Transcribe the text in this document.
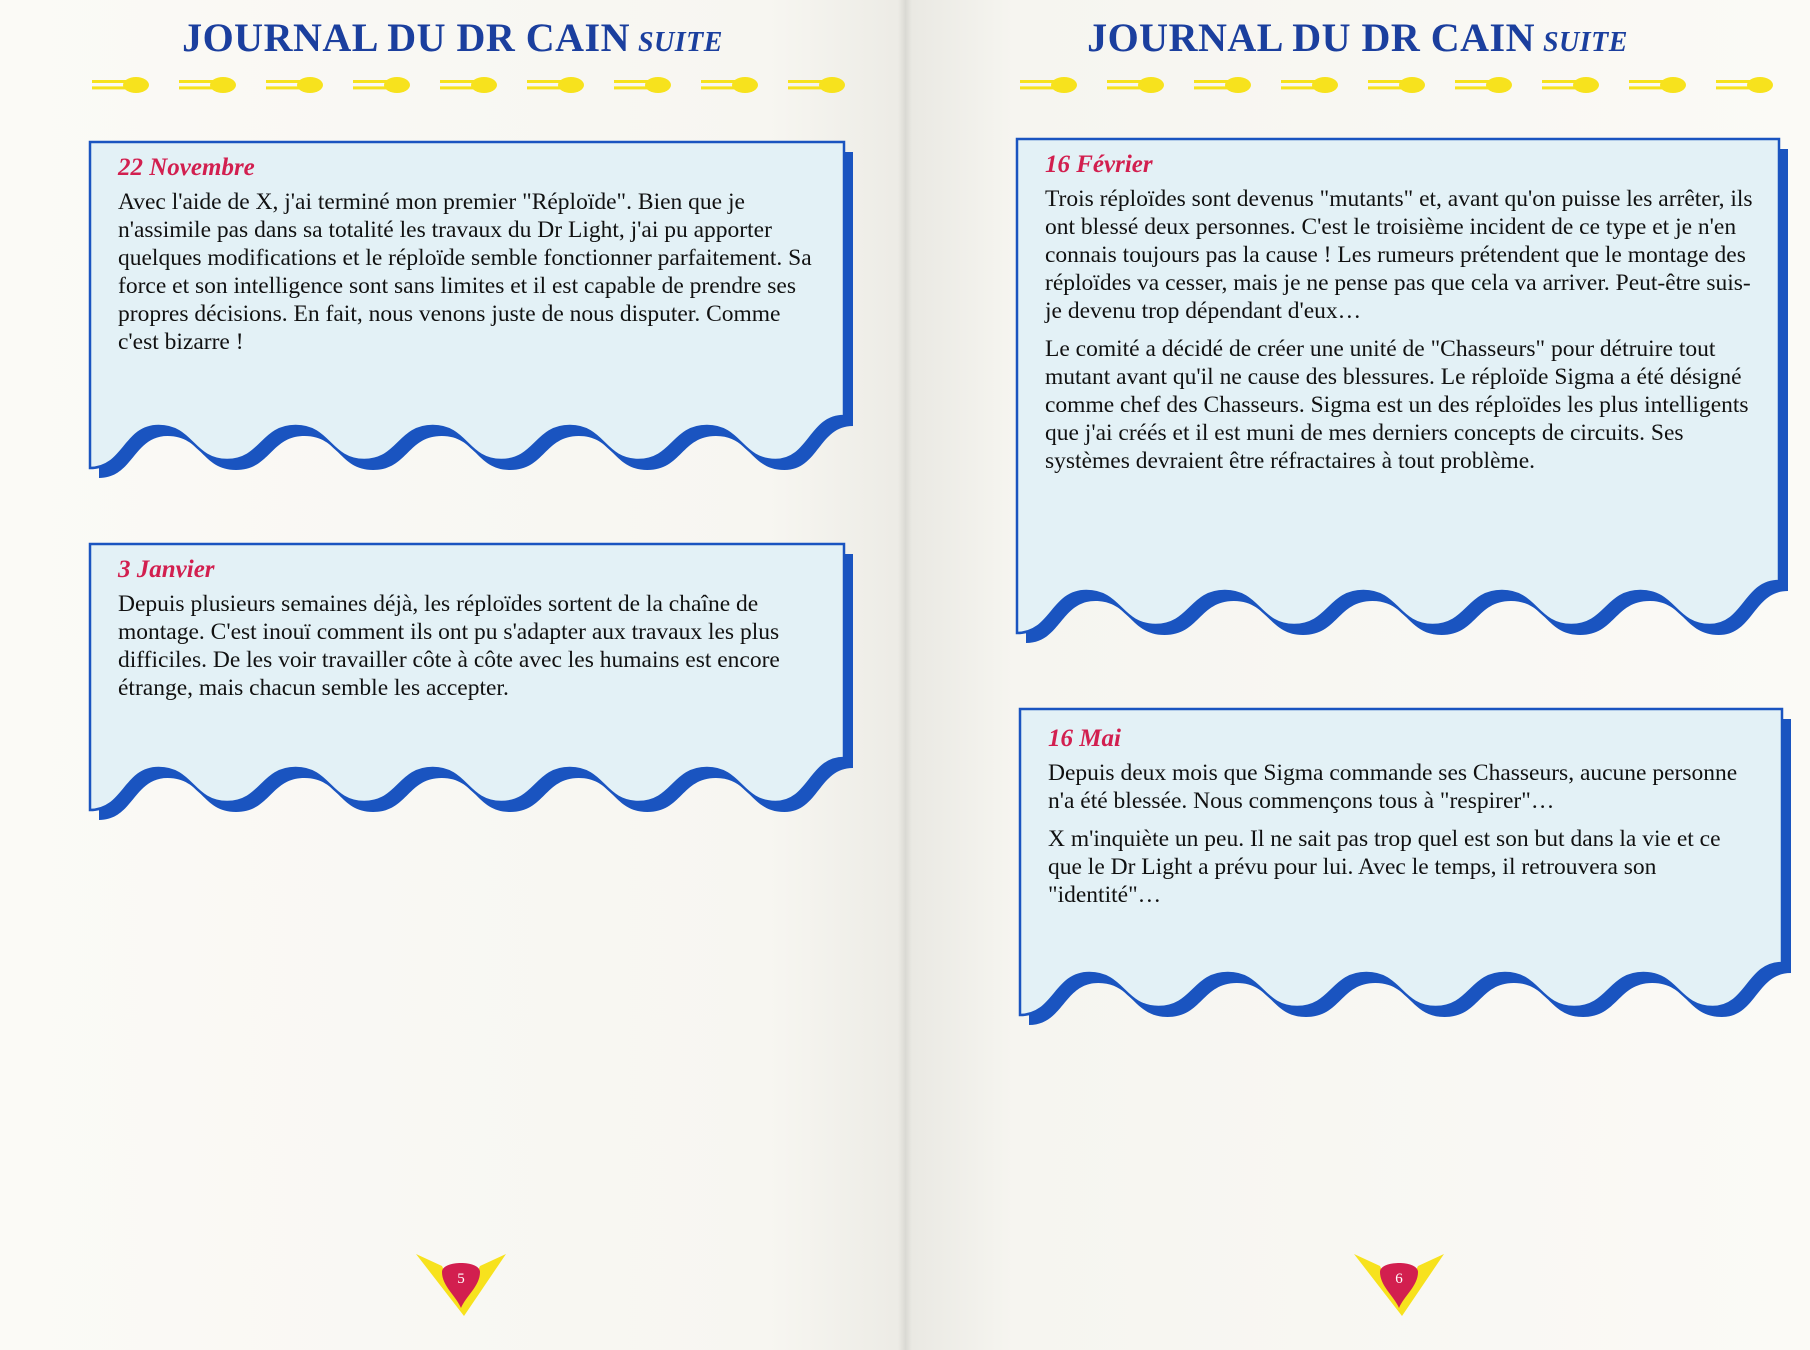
JOURNAL DU DR CAIN SUITE
22 Novembre

Avec l'aide de X, j'ai terminé mon premier "Réploïde". Bien que je n'assimile pas dans sa totalité les travaux du Dr Light, j'ai pu apporter quelques modifications et le réploïde semble fonctionner parfaitement. Sa force et son intelligence sont sans limites et il est capable de prendre ses propres décisions. En fait, nous venons juste de nous disputer. Comme c'est bizarre !

3 Janvier

Depuis plusieurs semaines déjà, les réploïdes sortent de la chaîne de montage. C'est inouï comment ils ont pu s'adapter aux travaux les plus difficiles. De les voir travailler côte à côte avec les humains est encore étrange, mais chacun semble les accepter.

5
JOURNAL DU DR CAIN SUITE
16 Février

Trois réploïdes sont devenus "mutants" et, avant qu'on puisse les arrêter, ils ont blessé deux personnes. C'est le troisième incident de ce type et je n'en connais toujours pas la cause ! Les rumeurs prétendent que le montage des réploïdes va cesser, mais je ne pense pas que cela va arriver. Peut-être suis-je devenu trop dépendant d'eux…

Le comité a décidé de créer une unité de "Chasseurs" pour détruire tout mutant avant qu'il ne cause des blessures. Le réploïde Sigma a été désigné comme chef des Chasseurs. Sigma est un des réploïdes les plus intelligents que j'ai créés et il est muni de mes derniers concepts de circuits. Ses systèmes devraient être réfractaires à tout problème.

16 Mai

Depuis deux mois que Sigma commande ses Chasseurs, aucune personne n'a été blessée. Nous commençons tous à "respirer"…

X m'inquiète un peu. Il ne sait pas trop quel est son but dans la vie et ce que le Dr Light a prévu pour lui. Avec le temps, il retrouvera son "identité"…

6
